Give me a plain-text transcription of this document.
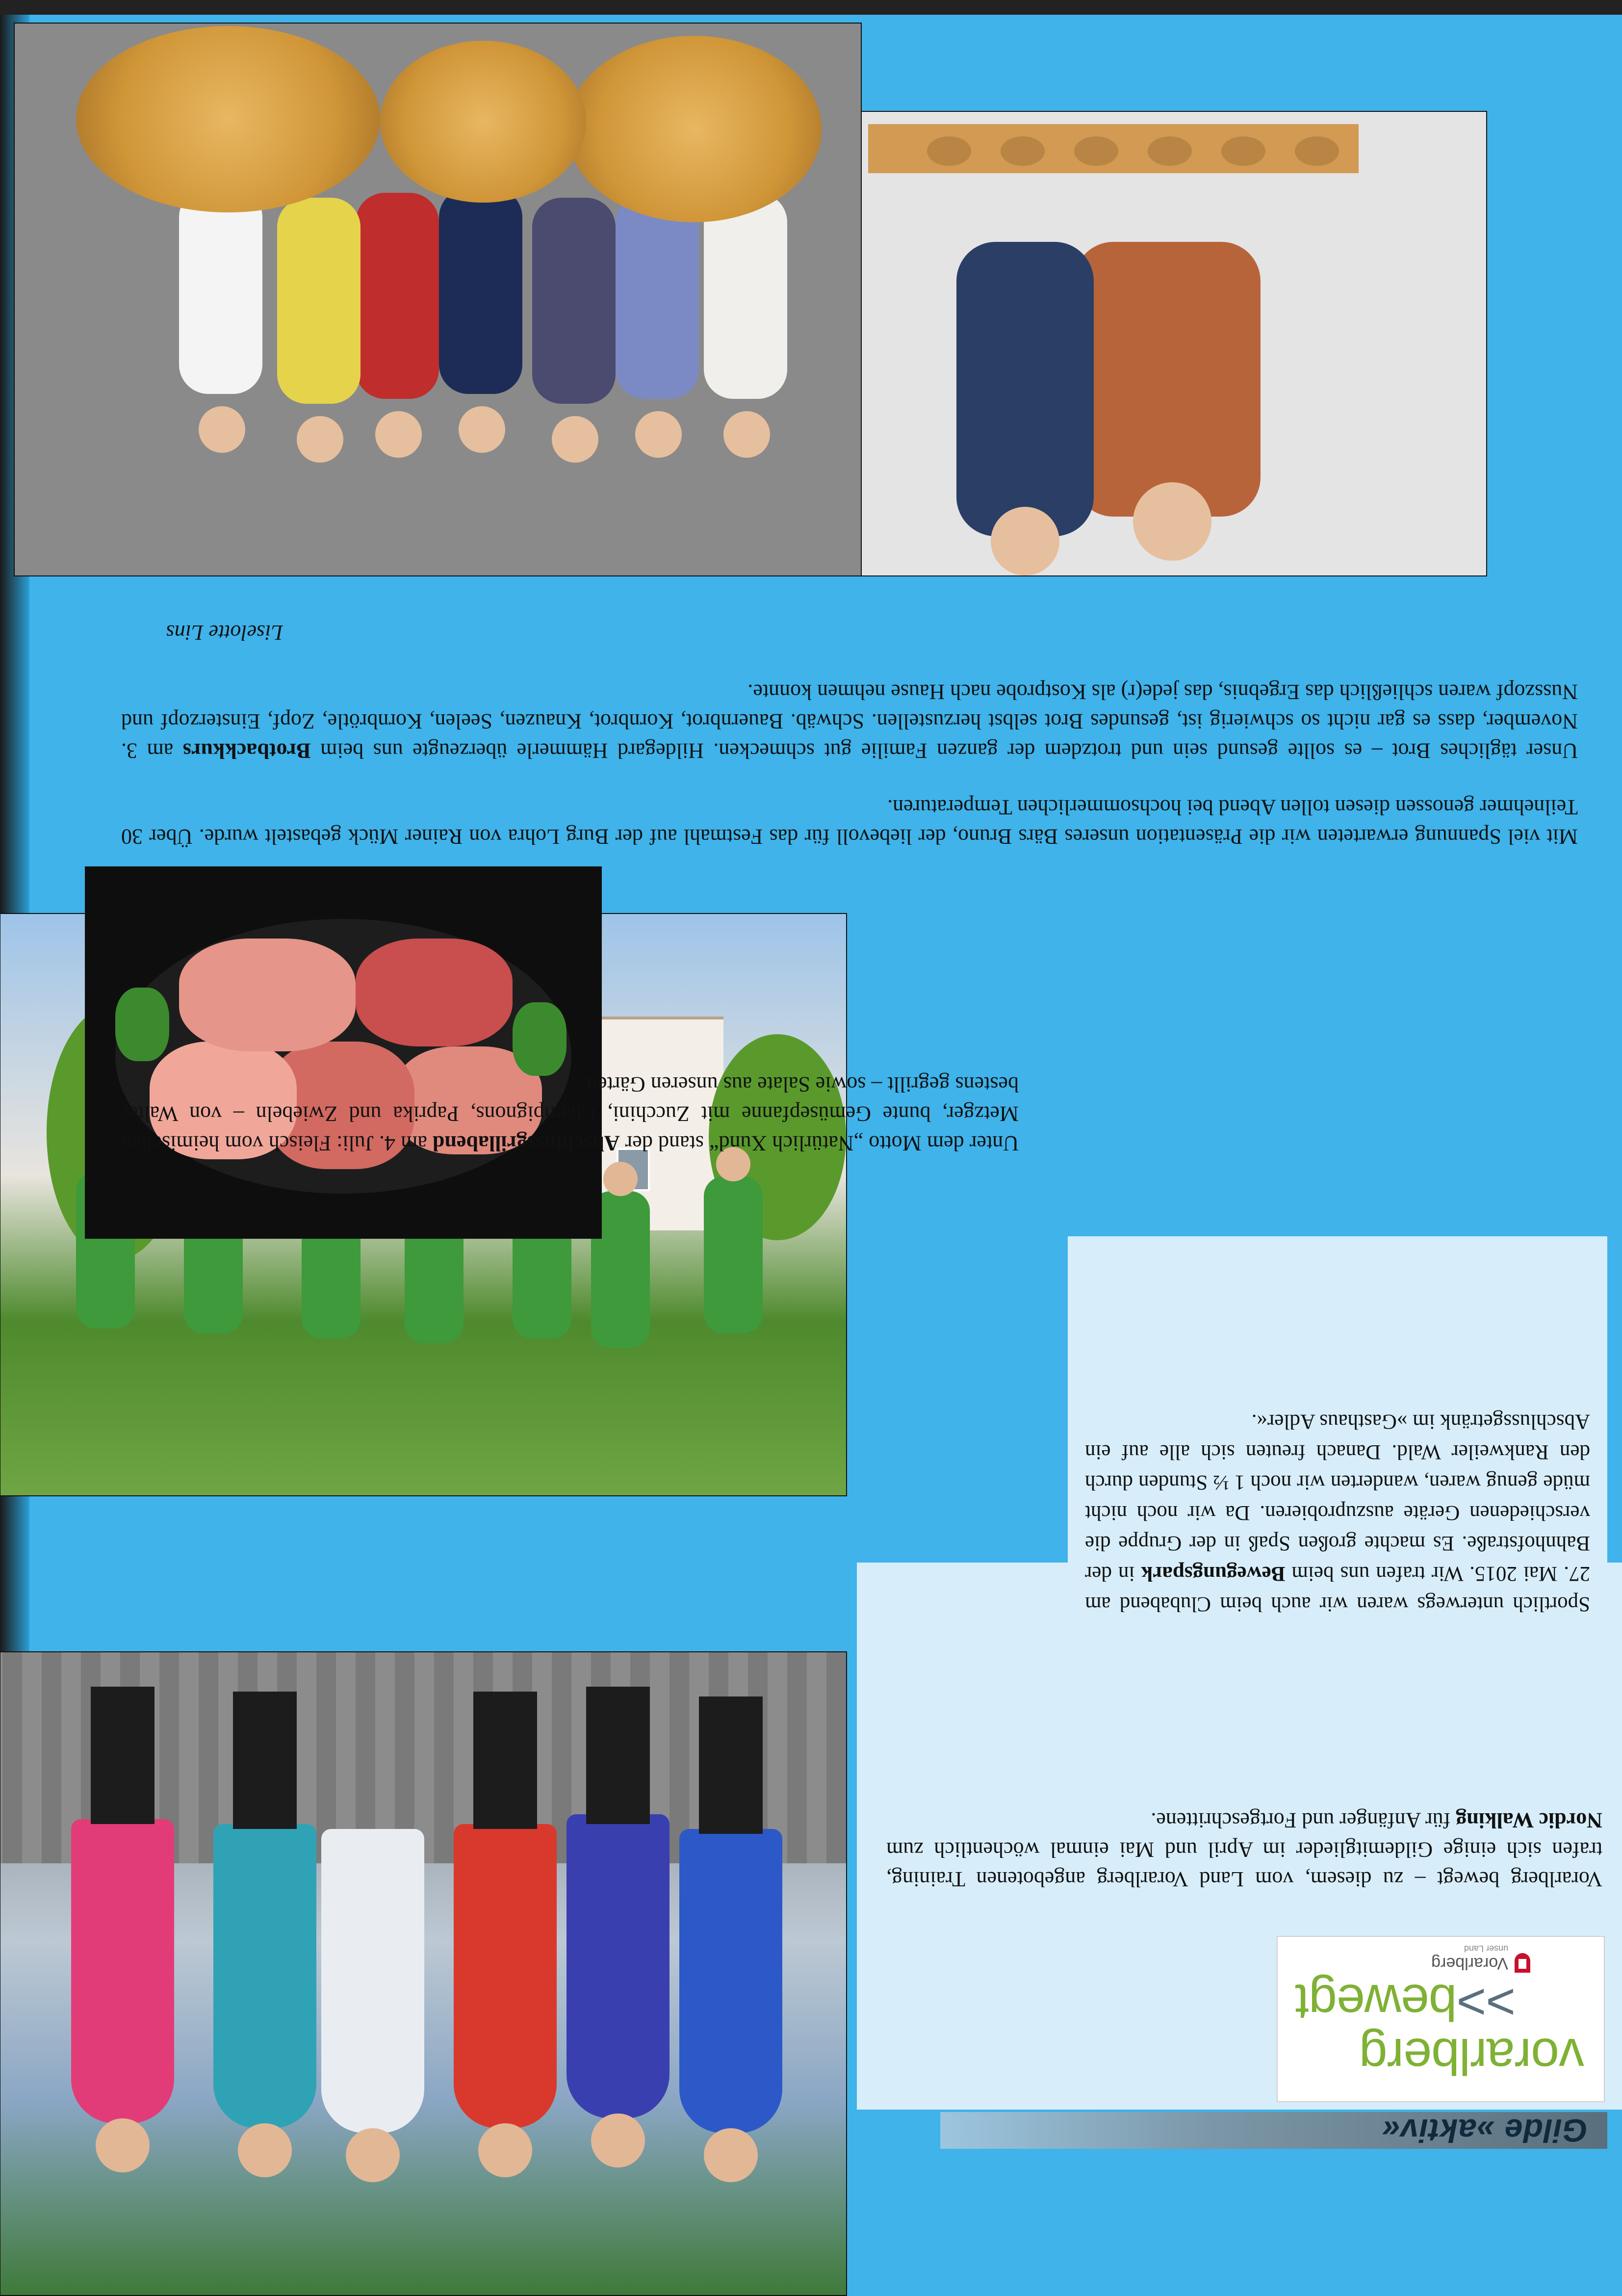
Gilde »aktiv«
vorarlberg
>>bewegt
Vorarlberg
unser Land
Vorarlberg bewegt – zu diesem, vom Land Vorarlberg angebotenen Training, trafen sich einige Gildemitglieder im April und Mai einmal wöchentlich zum Nordic Walking für Anfänger und Fortgeschrittene.
Sportlich unterwegs waren wir auch beim Clubabend am 27. Mai 2015. Wir trafen uns beim Bewegungspark in der Bahnhofstraße. Es machte großen Spaß in der Gruppe die verschiedenen Geräte auszuprobieren. Da wir noch nicht müde genug waren, wanderten wir noch 1 ½ Stunden durch den Rankweiler Wald. Danach freuten sich alle auf ein Abschlussgetränk im »Gasthaus Adler«.
Unter dem Motto „Natürlich Xund“ stand der Abschlussgrillabend am 4. Juli: Fleisch vom heimischen Metzger, bunte Gemüsepfanne mit Zucchini, Champignons, Paprika und Zwiebeln – von Walter bestens gegrillt – sowie Salate aus unseren Gärten.
Mit viel Spannung erwarteten wir die Präsentation unseres Bärs Bruno, der liebevoll für das Festmahl auf der Burg Lohra von Rainer Mück gebastelt wurde. Über 30 Teilnehmer genossen diesen tollen Abend bei hochsommerlichen Temperaturen.
Unser tägliches Brot – es sollte gesund sein und trotzdem der ganzen Familie gut schmecken. Hildegard Hämmerle überzeugte uns beim Brotbackkurs am 3. November, dass es gar nicht so schwierig ist, gesundes Brot selbst herzustellen. Schwäb. Bauernbrot, Kornbrot, Knauzen, Seelen, Kornbrötle, Zopf, Einsterzopf und Nusszopf waren schließlich das Ergebnis, das jede(r) als Kostprobe nach Hause nehmen konnte.
Liselotte Lins
